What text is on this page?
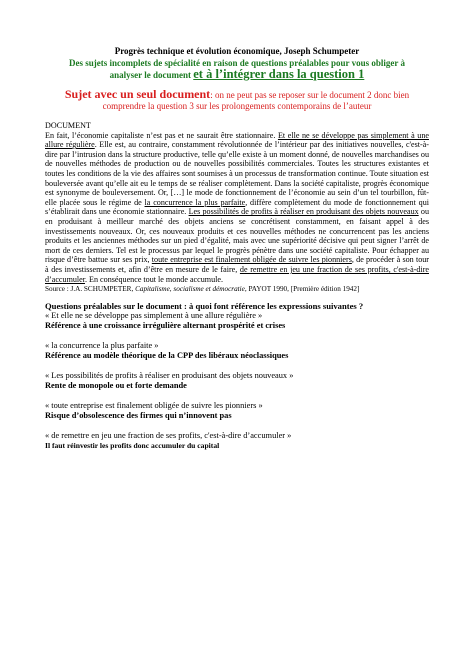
Progrès technique et évolution économique, Joseph Schumpeter

Des sujets incomplets de spécialité en raison de questions préalables pour vous obliger à
analyser le document et à l’intégrer dans la question 1

Sujet avec un seul document: on ne peut pas se reposer sur le document 2 donc bien comprendre la question 3 sur les prolongements contemporains de l’auteur

DOCUMENT
En fait, l’économie capitaliste n’est pas et ne saurait être stationnaire. Et elle ne se développe pas simplement à une allure régulière. Elle est, au contraire, constamment révolutionnée de l’intérieur par des initiatives nouvelles, c'est-à-dire par l’intrusion dans la structure productive, telle qu’elle existe à un moment donné, de nouvelles marchandises ou de nouvelles méthodes de production ou de nouvelles possibilités commerciales. Toutes les structures existantes et toutes les conditions de la vie des affaires sont soumises à un processus de transformation continue. Toute situation est bouleversée avant qu’elle ait eu le temps de se réaliser complètement. Dans la société capitaliste, progrès économique est synonyme de bouleversement. Or, […] le mode de fonctionnement de l’économie au sein d’un tel tourbillon, fût-elle placée sous le régime de la concurrence la plus parfaite, diffère complètement du mode de fonctionnement qui s’établirait dans une économie stationnaire. Les possibilités de profits à réaliser en produisant des objets nouveaux ou en produisant à meilleur marché des objets anciens se concrétisent constamment, en faisant appel à des investissements nouveaux. Or, ces nouveaux produits et ces nouvelles méthodes ne concurrencent pas les anciens produits et les anciennes méthodes sur un pied d’égalité, mais avec une supériorité décisive qui peut signer l’arrêt de mort de ces derniers. Tel est le processus par lequel le progrès pénètre dans une société capitaliste. Pour échapper au risque d’être battue sur ses prix, toute entreprise est finalement obligée de suivre les pionniers, de procéder à son tour à des investissements et, afin d’être en mesure de le faire, de remettre en jeu une fraction de ses profits, c'est-à-dire d’accumuler. En conséquence tout le monde accumule.
Source : J.A. SCHUMPETER, Capitalisme, socialisme et démocratie, PAYOT 1990, [Première édition 1942]

Questions préalables sur le document : à quoi font référence les expressions suivantes ?

« Et elle ne se développe pas simplement à une allure régulière »

Référence à une croissance irrégulière alternant prospérité et crises

« la concurrence la plus parfaite »

Référence au modèle théorique de la CPP des libéraux néoclassiques

« Les possibilités de profits à réaliser en produisant des objets nouveaux »

Rente de monopole ou et forte demande

« toute entreprise est finalement obligée de suivre les pionniers »

Risque d’obsolescence des firmes qui n’innovent pas

« de remettre en jeu une fraction de ses profits, c'est-à-dire d’accumuler »

Il faut réinvestir les profits donc accumuler du capital
